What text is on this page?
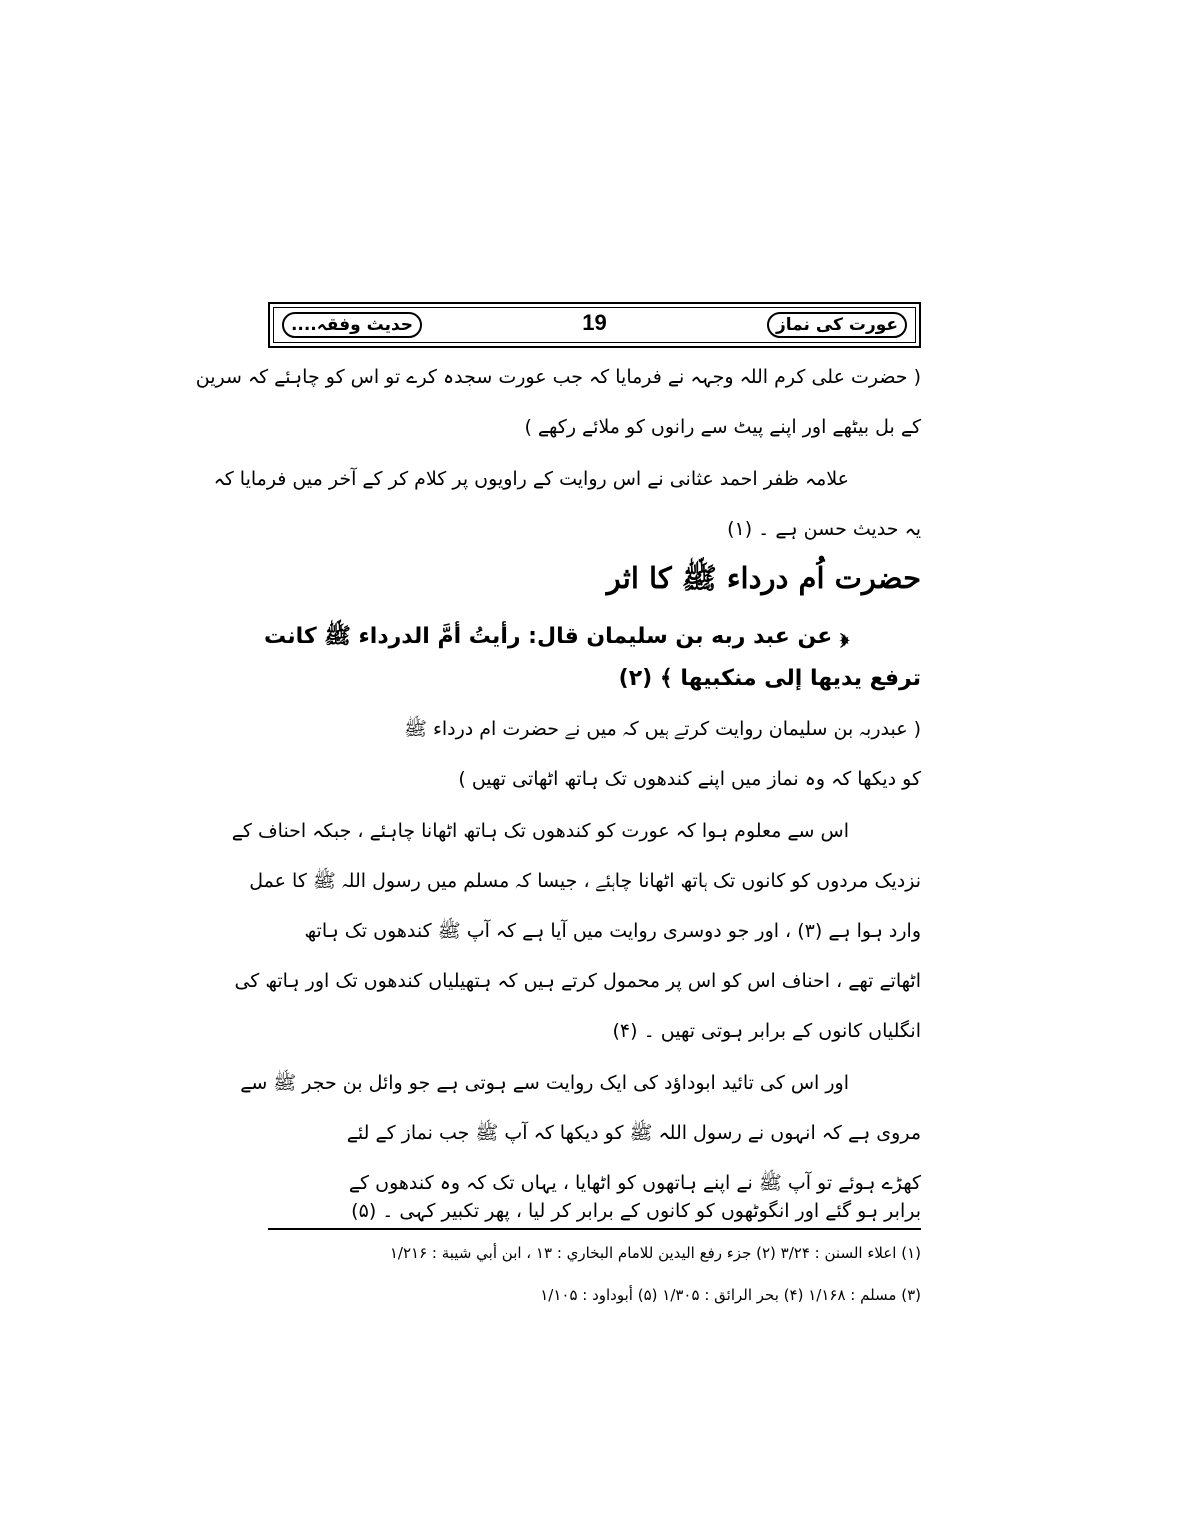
عورت کی نماز
19
حدیث وفقہ....
( حضرت علی کرم اللہ وجہہ نے فرمایا کہ جب عورت سجدہ کرے تو اس کو چاہئے کہ سرین
کے بل بیٹھے اور اپنے پیٹ سے رانوں کو ملائے رکھے )
علامہ ظفر احمد عثانی نے اس روایت کے راویوں پر کلام کر کے آخر میں فرمایا کہ
یہ حدیث حسن ہے ۔ (۱)
حضرت اُم درداء ﷺ کا اثر
﴿ عن عبد ربه بن سليمان قال: رأيتُ أمَّ الدرداء ﷺ كانت
ترفع يديها إلى منكبيها ﴾ (۲)
( عبدربہ بن سلیمان روایت کرتے ہیں کہ میں نے حضرت ام درداء ﷺ
کو دیکھا کہ وہ نماز میں اپنے کندھوں تک ہاتھ اٹھاتی تھیں )
اس سے معلوم ہوا کہ عورت کو کندھوں تک ہاتھ اٹھانا چاہئے ، جبکہ احناف کے
نزدیک مردوں کو کانوں تک ہاتھ اٹھانا چاہئے ، جیسا کہ مسلم میں رسول اللہ ﷺ کا عمل
وارد ہوا ہے (۳) ، اور جو دوسری روایت میں آیا ہے کہ آپ ﷺ کندھوں تک ہاتھ
اٹھاتے تھے ، احناف اس کو اس پر محمول کرتے ہیں کہ ہتھیلیاں کندھوں تک اور ہاتھ کی
انگلیاں کانوں کے برابر ہوتی تھیں ۔ (۴)
اور اس کی تائید ابوداؤد کی ایک روایت سے ہوتی ہے جو وائل بن حجر ﷺ سے
مروی ہے کہ انہوں نے رسول اللہ ﷺ کو دیکھا کہ آپ ﷺ جب نماز کے لئے
کھڑے ہوئے تو آپ ﷺ نے اپنے ہاتھوں کو اٹھایا ، یہاں تک کہ وہ کندھوں کے
برابر ہو گئے اور انگوٹھوں کو کانوں کے برابر کر لیا ، پھر تکبیر کہی ۔ (۵)
(۱) اعلاء السنن : ۳/۲۴ (۲) جزء رفع اليدين للامام البخاري : ۱۳ ، ابن أبي شيبة : ۱/۲۱۶
(۳) مسلم : ۱/۱۶۸ (۴) بحر الرائق : ۱/۳۰۵ (۵) أبوداود : ۱/۱۰۵
